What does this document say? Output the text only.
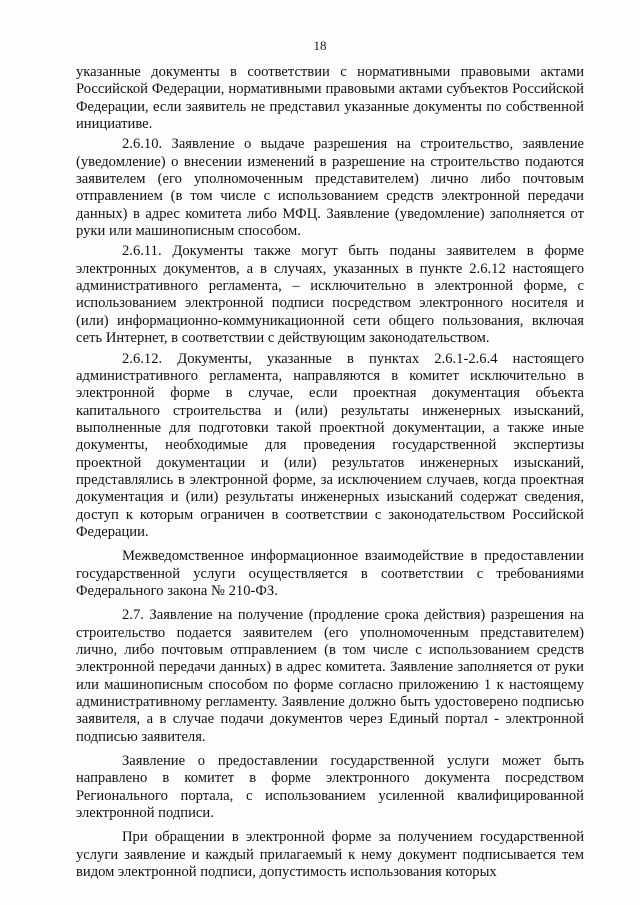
18

указанные документы в соответствии с нормативными правовыми актами Российской Федерации, нормативными правовыми актами субъектов Российской Федерации, если заявитель не представил указанные документы по собственной инициативе.

2.6.10. Заявление о выдаче разрешения на строительство, заявление (уведомление) о внесении изменений в разрешение на строительство подаются заявителем (его уполномоченным представителем) лично либо почтовым отправлением (в том числе с использованием средств электронной передачи данных) в адрес комитета либо МФЦ. Заявление (уведомление) заполняется от руки или машинописным способом.

2.6.11. Документы также могут быть поданы заявителем в форме электронных документов, а в случаях, указанных в пункте 2.6.12 настоящего административного регламента, – исключительно в электронной форме, с использованием электронной подписи посредством электронного носителя и (или) информационно-коммуникационной сети общего пользования, включая сеть Интернет, в соответствии с действующим законодательством.

2.6.12. Документы, указанные в пунктах 2.6.1-2.6.4 настоящего административного регламента, направляются в комитет исключительно в электронной форме в случае, если проектная документация объекта капитального строительства и (или) результаты инженерных изысканий, выполненные для подготовки такой проектной документации, а также иные документы, необходимые для проведения государственной экспертизы проектной документации и (или) результатов инженерных изысканий, представлялись в электронной форме, за исключением случаев, когда проектная документация и (или) результаты инженерных изысканий содержат сведения, доступ к которым ограничен в соответствии с законодательством Российской Федерации.

Межведомственное информационное взаимодействие в предоставлении государственной услуги осуществляется в соответствии с требованиями Федерального закона № 210-ФЗ.

2.7. Заявление на получение (продление срока действия) разрешения на строительство подается заявителем (его уполномоченным представителем) лично, либо почтовым отправлением (в том числе с использованием средств электронной передачи данных) в адрес комитета. Заявление заполняется от руки или машинописным способом по форме согласно приложению 1 к настоящему административному регламенту. Заявление должно быть удостоверено подписью заявителя, а в случае подачи документов через Единый портал - электронной подписью заявителя.

Заявление о предоставлении государственной услуги может быть направлено в комитет в форме электронного документа посредством Регионального портала, с использованием усиленной квалифицированной электронной подписи.

При обращении в электронной форме за получением государственной услуги заявление и каждый прилагаемый к нему документ подписывается тем видом электронной подписи, допустимость использования которых
